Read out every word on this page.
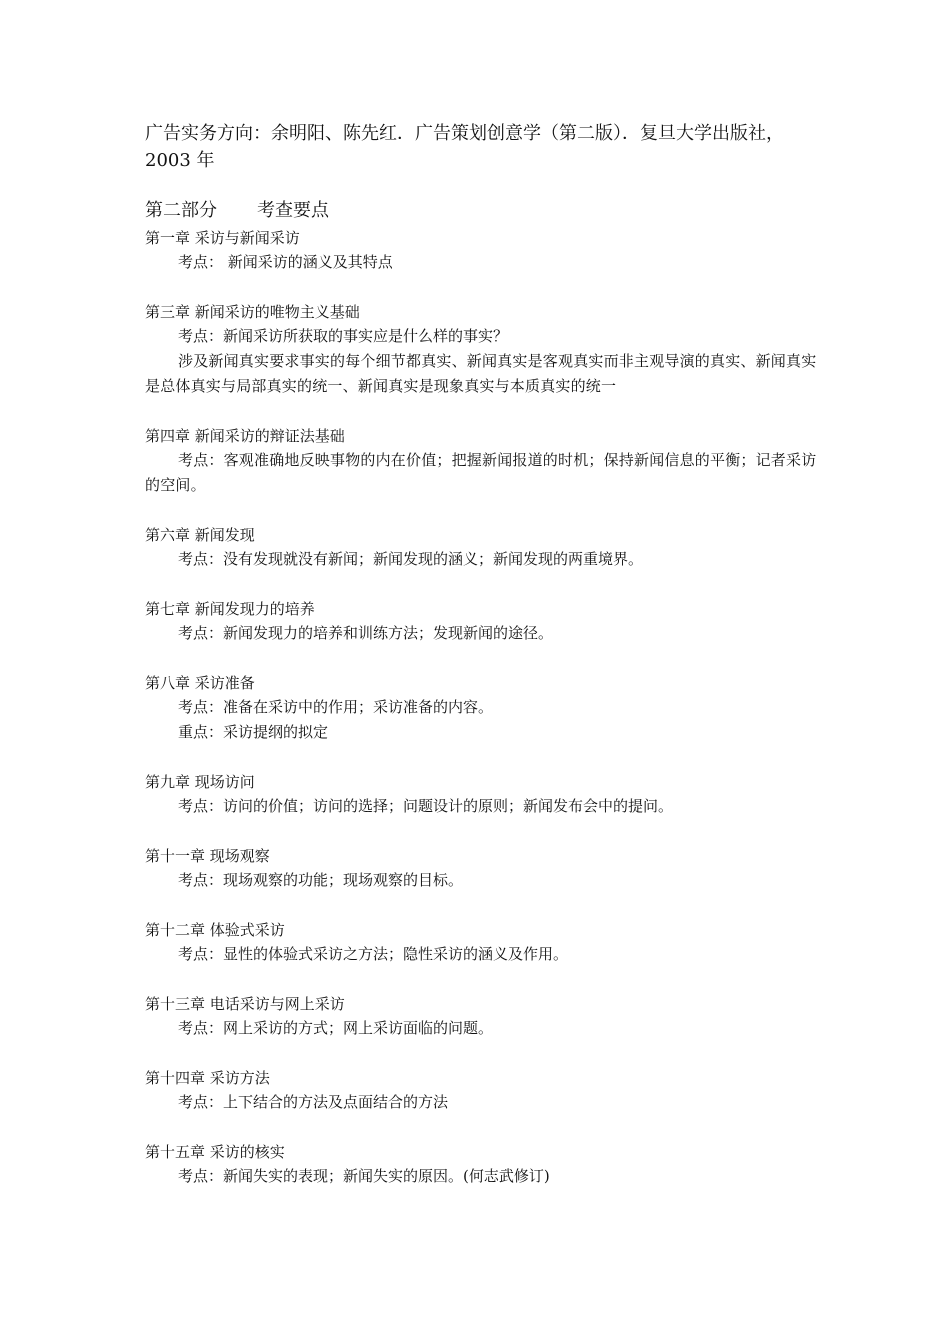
广告实务方向：余明阳、陈先红．广告策划创意学（第二版）．复旦大学出版社，2003 年

第二部分 考查要点

第一章 采访与新闻采访

考点： 新闻采访的涵义及其特点

第三章 新闻采访的唯物主义基础

考点：新闻采访所获取的事实应是什么样的事实？

涉及新闻真实要求事实的每个细节都真实、新闻真实是客观真实而非主观导演的真实、新闻真实是总体真实与局部真实的统一、新闻真实是现象真实与本质真实的统一

第四章 新闻采访的辩证法基础

考点：客观准确地反映事物的内在价值；把握新闻报道的时机；保持新闻信息的平衡；记者采访的空间。

第六章 新闻发现

考点：没有发现就没有新闻；新闻发现的涵义；新闻发现的两重境界。

第七章 新闻发现力的培养

考点：新闻发现力的培养和训练方法；发现新闻的途径。

第八章 采访准备

考点：准备在采访中的作用；采访准备的内容。

重点：采访提纲的拟定

第九章 现场访问

考点：访问的价值；访问的选择；问题设计的原则；新闻发布会中的提问。

第十一章 现场观察

考点：现场观察的功能；现场观察的目标。

第十二章 体验式采访

考点：显性的体验式采访之方法；隐性采访的涵义及作用。

第十三章 电话采访与网上采访

考点：网上采访的方式；网上采访面临的问题。

第十四章 采访方法

考点：上下结合的方法及点面结合的方法

第十五章 采访的核实

考点：新闻失实的表现；新闻失实的原因。(何志武修订)
